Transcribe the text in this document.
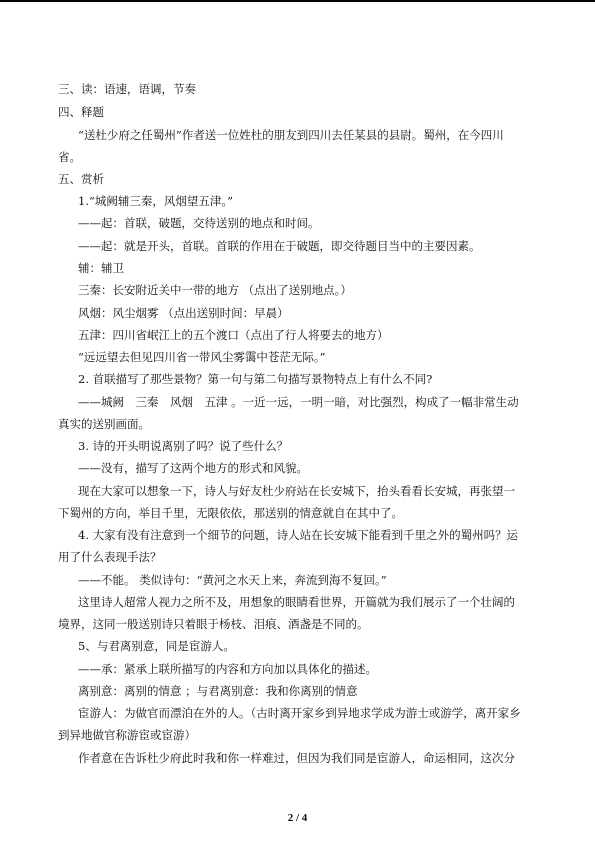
三、读：语速，语调，节奏
四、释题
“送杜少府之任蜀州”作者送一位姓杜的朋友到四川去任某县的县尉。蜀州，在今四川
省。
五、赏析
1.“城阙辅三秦，风烟望五津。”
——起：首联，破题，交待送别的地点和时间。
——起：就是开头，首联。首联的作用在于破题，即交待题目当中的主要因素。
辅：辅卫
三秦：长安附近关中一带的地方 （点出了送别地点。）
风烟：风尘烟雾 （点出送别时间：早晨）
五津：四川省岷江上的五个渡口（点出了行人将要去的地方）
“远远望去但见四川省一带风尘雾霭中苍茫无际。”
2. 首联描写了那些景物？第一句与第二句描写景物特点上有什么不同?
——城阙　三秦　风烟　五津 。一近一远，一明一暗，对比强烈，构成了一幅非常生动
真实的送别画面。
3. 诗的开头明说离别了吗？说了些什么？
——没有，描写了这两个地方的形式和风貌。
现在大家可以想象一下，诗人与好友杜少府站在长安城下，抬头看看长安城，再张望一
下蜀州的方向，举目千里，无限依依，那送别的情意就自在其中了。
4. 大家有没有注意到一个细节的问题，诗人站在长安城下能看到千里之外的蜀州吗？运
用了什么表现手法？
——不能。 类似诗句：“黄河之水天上来，奔流到海不复回。”
这里诗人超常人视力之所不及，用想象的眼睛看世界，开篇就为我们展示了一个壮阔的
境界，这同一般送别诗只着眼于杨枝、泪痕、酒盏是不同的。
5、与君离别意，同是宦游人。
——承：紧承上联所描写的内容和方向加以具体化的描述。
离别意：离别的情意 ；与君离别意：我和你离别的情意
宦游人：为做官而漂泊在外的人。（古时离开家乡到异地求学成为游士或游学，离开家乡
到异地做官称游宦或宦游）
作者意在告诉杜少府此时我和你一样难过，但因为我们同是宦游人，命运相同，这次分
2 / 4
